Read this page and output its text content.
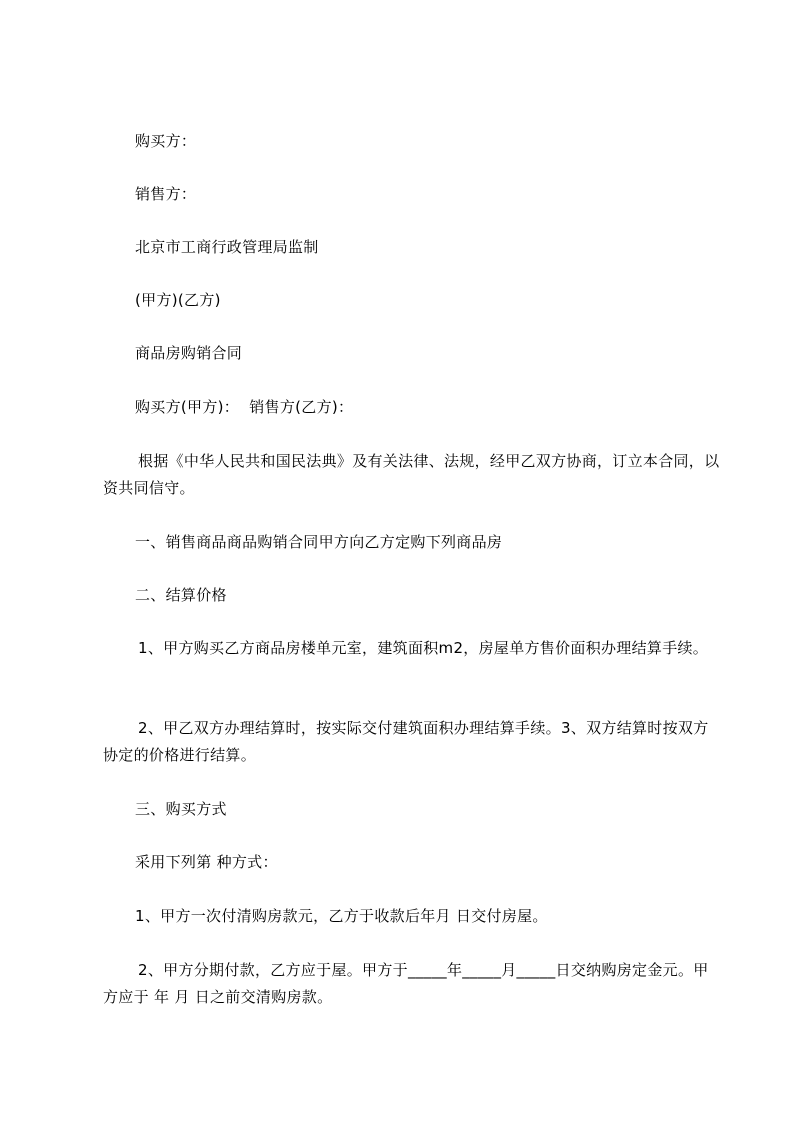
购买方：

销售方：

北京市工商行政管理局监制

(甲方)(乙方)

商品房购销合同

购买方(甲方)：  销售方(乙方)：

根据《中华人民共和国民法典》及有关法律、法规，经甲乙双方协商，订立本合同，以资共同信守。

一、销售商品商品购销合同甲方向乙方定购下列商品房

二、结算价格

1、甲方购买乙方商品房楼单元室，建筑面积m2，房屋单方售价面积办理结算手续。

2、甲乙双方办理结算时，按实际交付建筑面积办理结算手续。3、双方结算时按双方协定的价格进行结算。

三、购买方式

采用下列第 种方式：

1、甲方一次付清购房款元，乙方于收款后年月 日交付房屋。

2、甲方分期付款，乙方应于屋。甲方于_____年_____月_____日交纳购房定金元。甲方应于 年 月 日之前交清购房款。
